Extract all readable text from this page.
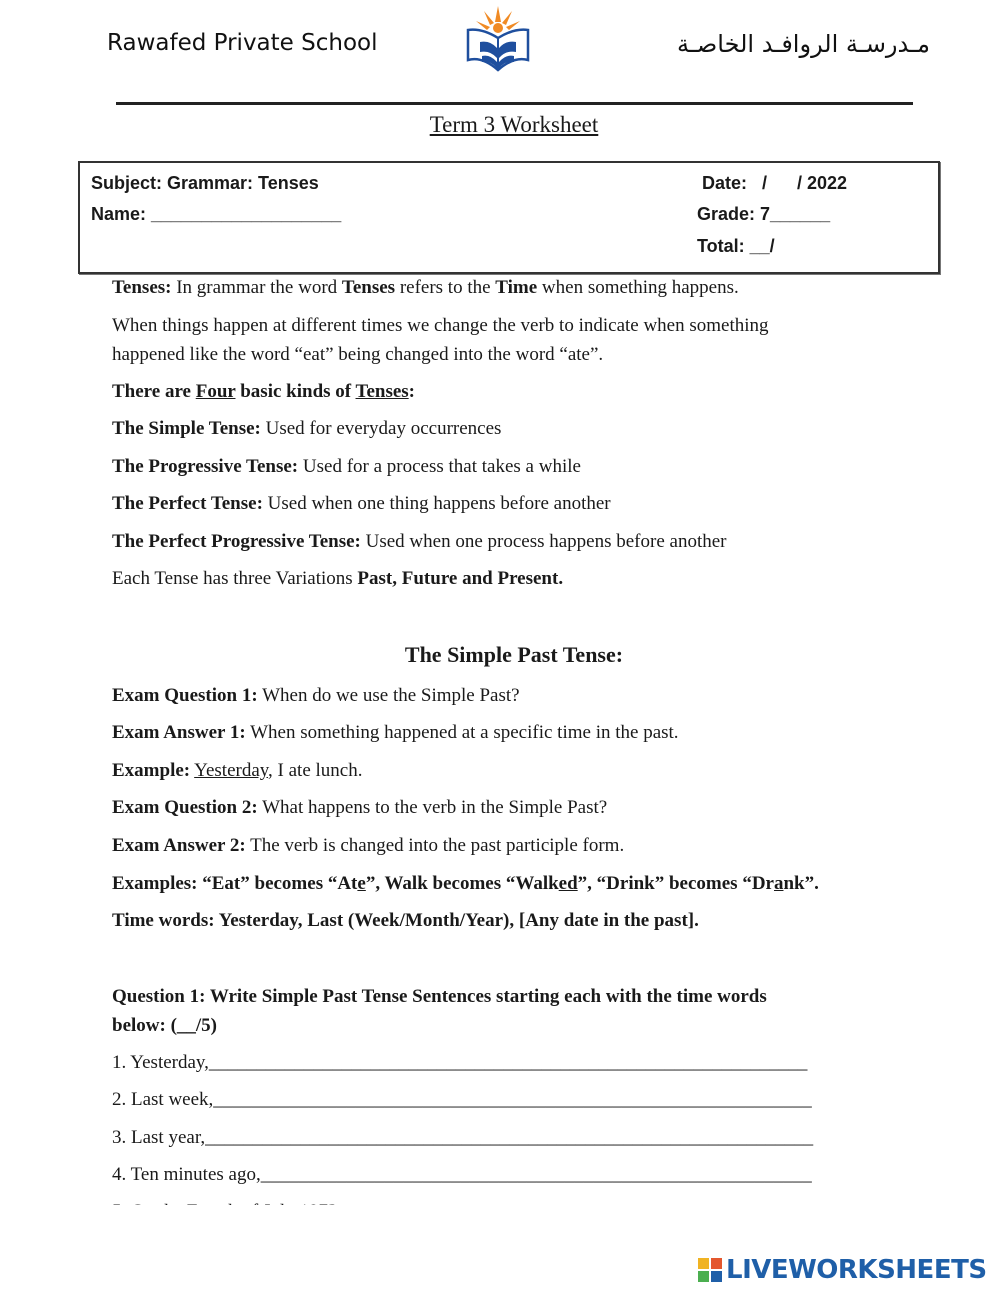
Rawafed Private School	مـدرسـة الروافـد الخاصـة
Term 3 Worksheet
Subject: Grammar: Tenses
Name: ___________________
Date:   /      / 2022
Grade: 7______
Total: __/
Tenses: In grammar the word Tenses refers to the Time when something happens.
When things happen at different times we change the verb to indicate when something
happened like the word “eat” being changed into the word “ate”.
There are Four basic kinds of Tenses:
The Simple Tense: Used for everyday occurrences
The Progressive Tense: Used for a process that takes a while
The Perfect Tense: Used when one thing happens before another
The Perfect Progressive Tense: Used when one process happens before another
Each Tense has three Variations Past, Future and Present.
The Simple Past Tense:
Exam Question 1: When do we use the Simple Past?
Exam Answer 1: When something happened at a specific time in the past.
Example: Yesterday, I ate lunch.
Exam Question 2: What happens to the verb in the Simple Past?
Exam Answer 2: The verb is changed into the past participle form.
Examples: “Eat” becomes “Ate”, Walk becomes “Walked”, “Drink” becomes “Drank”.
Time words: Yesterday, Last (Week/Month/Year), [Any date in the past].
Question 1: Write Simple Past Tense Sentences starting each with the time words
below: (__/5)
1. Yesterday,_______________________________________________________________
2. Last week,_______________________________________________________________
3. Last year,________________________________________________________________
4. Ten minutes ago,__________________________________________________________
LIVEWORKSHEETS
